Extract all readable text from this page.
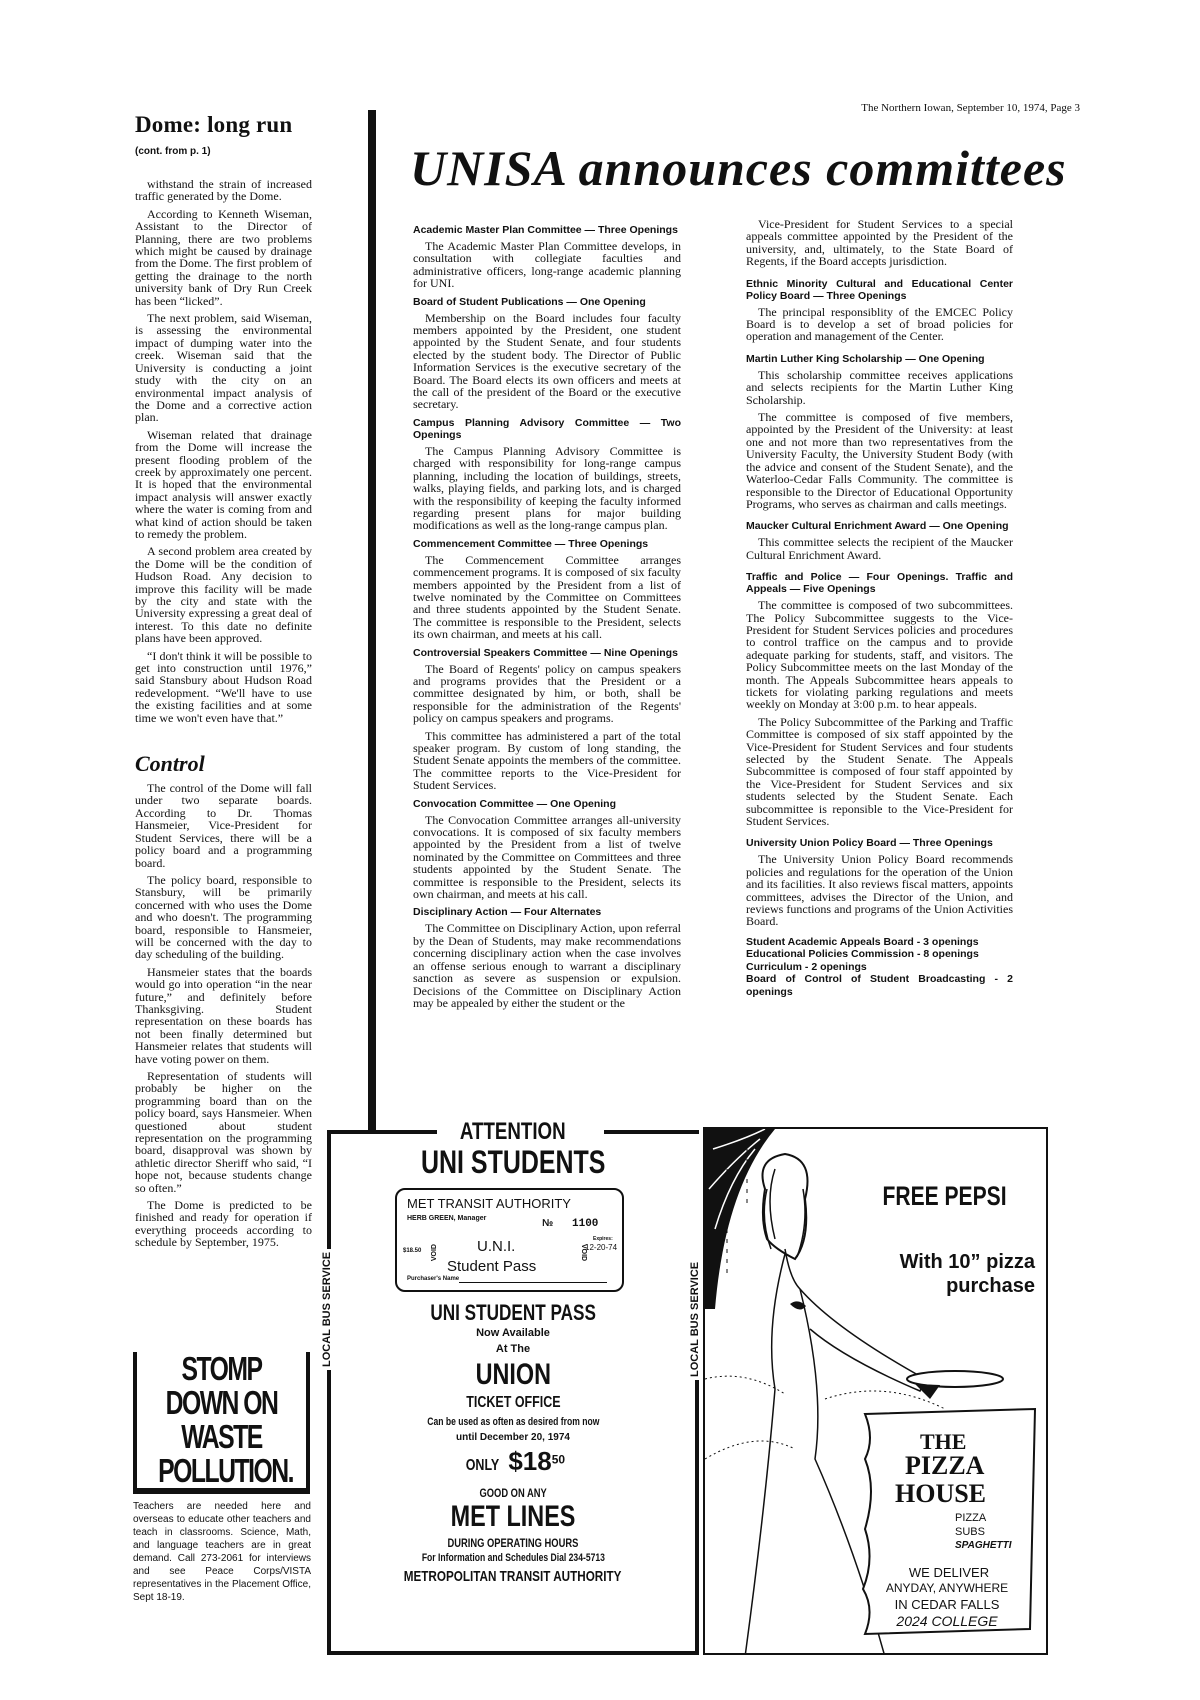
The Northern Iowan, September 10, 1974, Page 3
Dome: long run
(cont. from p. 1)

withstand the strain of increased traffic generated by the Dome.

According to Kenneth Wiseman, Assistant to the Director of Planning, there are two problems which might be caused by drainage from the Dome. The first problem of getting the drainage to the north university bank of Dry Run Creek has been “licked”.

The next problem, said Wiseman, is assessing the environmental impact of dumping water into the creek. Wiseman said that the University is conducting a joint study with the city on an environmental impact analysis of the Dome and a corrective action plan.

Wiseman related that drainage from the Dome will increase the present flooding problem of the creek by approximately one percent. It is hoped that the environmental impact analysis will answer exactly where the water is coming from and what kind of action should be taken to remedy the problem.

A second problem area created by the Dome will be the condition of Hudson Road. Any decision to improve this facility will be made by the city and state with the University expressing a great deal of interest. To this date no definite plans have been approved.

“I don't think it will be possible to get into construction until 1976,” said Stansbury about Hudson Road redevelopment. “We'll have to use the existing facilities and at some time we won't even have that.”

Control

The control of the Dome will fall under two separate boards. According to Dr. Thomas Hansmeier, Vice-President for Student Services, there will be a policy board and a programming board.

The policy board, responsible to Stansbury, will be primarily concerned with who uses the Dome and who doesn't. The programming board, responsible to Hansmeier, will be concerned with the day to day scheduling of the building.

Hansmeier states that the boards would go into operation “in the near future,” and definitely before Thanksgiving. Student representation on these boards has not been finally determined but Hansmeier relates that students will have voting power on them.

Representation of students will probably be higher on the programming board than on the policy board, says Hansmeier. When questioned about student representation on the programming board, disapproval was shown by athletic director Sheriff who said, “I hope not, because students change so often.”

The Dome is predicted to be finished and ready for operation if everything proceeds according to schedule by September, 1975.

STOMP
DOWN ON
WASTE
POLLUTION.
Teachers are needed here and overseas to educate other teachers and teach in classrooms. Science, Math, and language teachers are in great demand. Call 273-2061 for interviews and see Peace Corps/VISTA representatives in the Placement Office, Sept 18-19.
UNISA announces committees
Academic Master Plan Committee — Three Openings

The Academic Master Plan Committee develops, in consultation with collegiate faculties and administrative officers, long-range academic planning for UNI.

Board of Student Publications — One Opening

Membership on the Board includes four faculty members appointed by the President, one student appointed by the Student Senate, and four students elected by the student body. The Director of Public Information Services is the executive secretary of the Board. The Board elects its own officers and meets at the call of the president of the Board or the executive secretary.

Campus Planning Advisory Committee — Two Openings

The Campus Planning Advisory Committee is charged with responsibility for long-range campus planning, including the location of buildings, streets, walks, playing fields, and parking lots, and is charged with the responsibility of keeping the faculty informed regarding present plans for major building modifications as well as the long-range campus plan.

Commencement Committee — Three Openings

The Commencement Committee arranges commencement programs. It is composed of six faculty members appointed by the President from a list of twelve nominated by the Committee on Committees and three students appointed by the Student Senate. The committee is responsible to the President, selects its own chairman, and meets at his call.

Controversial Speakers Committee — Nine Openings

The Board of Regents' policy on campus speakers and programs provides that the President or a committee designated by him, or both, shall be responsible for the administration of the Regents' policy on campus speakers and programs.

This committee has administered a part of the total speaker program. By custom of long standing, the Student Senate appoints the members of the committee. The committee reports to the Vice-President for Student Services.

Convocation Committee — One Opening

The Convocation Committee arranges all-university convocations. It is composed of six faculty members appointed by the President from a list of twelve nominated by the Committee on Committees and three students appointed by the Student Senate. The committee is responsible to the President, selects its own chairman, and meets at his call.

Disciplinary Action — Four Alternates

The Committee on Disciplinary Action, upon referral by the Dean of Students, may make recommendations concerning disciplinary action when the case involves an offense serious enough to warrant a disciplinary sanction as severe as suspension or expulsion. Decisions of the Committee on Disciplinary Action may be appealed by either the student or the

Vice-President for Student Services to a special appeals committee appointed by the President of the university, and, ultimately, to the State Board of Regents, if the Board accepts jurisdiction.

Ethnic Minority Cultural and Educational Center Policy Board — Three Openings

The principal responsiblity of the EMCEC Policy Board is to develop a set of broad policies for operation and management of the Center.

Martin Luther King Scholarship — One Opening

This scholarship committee receives applications and selects recipients for the Martin Luther King Scholarship.

The committee is composed of five members, appointed by the President of the University: at least one and not more than two representatives from the University Faculty, the University Student Body (with the advice and consent of the Student Senate), and the Waterloo-Cedar Falls Community. The committee is responsible to the Director of Educational Opportunity Programs, who serves as chairman and calls meetings.

Maucker Cultural Enrichment Award — One Opening

This committee selects the recipient of the Maucker Cultural Enrichment Award.

Traffic and Police — Four Openings. Traffic and Appeals — Five Openings

The committee is composed of two subcommittees. The Policy Subcommittee suggests to the Vice-President for Student Services policies and procedures to control traffice on the campus and to provide adequate parking for students, staff, and visitors. The Policy Subcommittee meets on the last Monday of the month. The Appeals Subcommittee hears appeals to tickets for violating parking regulations and meets weekly on Monday at 3:00 p.m. to hear appeals.

The Policy Subcommittee of the Parking and Traffic Committee is composed of six staff appointed by the Vice-President for Student Services and four students selected by the Student Senate. The Appeals Subcommittee is composed of four staff appointed by the Vice-President for Student Services and six students selected by the Student Senate. Each subcommittee is reponsible to the Vice-President for Student Services.

University Union Policy Board — Three Openings

The University Union Policy Board recommends policies and regulations for the operation of the Union and its facilities. It also reviews fiscal matters, appoints committees, advises the Director of the Union, and reviews functions and programs of the Union Activities Board.

Student Academic Appeals Board - 3 openings
Educational Policies Commission - 8 openings
Curriculum - 2 openings
Board of Control of Student Broadcasting - 2 openings
LOCAL BUS SERVICE	LOCAL BUS SERVICE
ATTENTION
UNI STUDENTS
MET TRANSIT AUTHORITY
HERB GREEN, Manager	№ 1100
$18.50 VOID	VOID
U.N.I.
Student Pass
Expires:
12-20-74
Purchaser's Name
UNI STUDENT PASS
Now Available
At The
UNION
TICKET OFFICE
Can be used as often as desired from now
until December 20, 1974
ONLY $\$18^{50}$
GOOD ON ANY
MET LINES
DURING OPERATING HOURS
For Information and Schedules Dial 234-5713
METROPOLITAN TRANSIT AUTHORITY
FREE PEPSI
With 10” pizza
purchase
THE
PIZZA
HOUSE
PIZZA
SUBS
SPAGHETTI
WE DELIVER
ANYDAY, ANYWHERE
IN CEDAR FALLS
2024 COLLEGE
